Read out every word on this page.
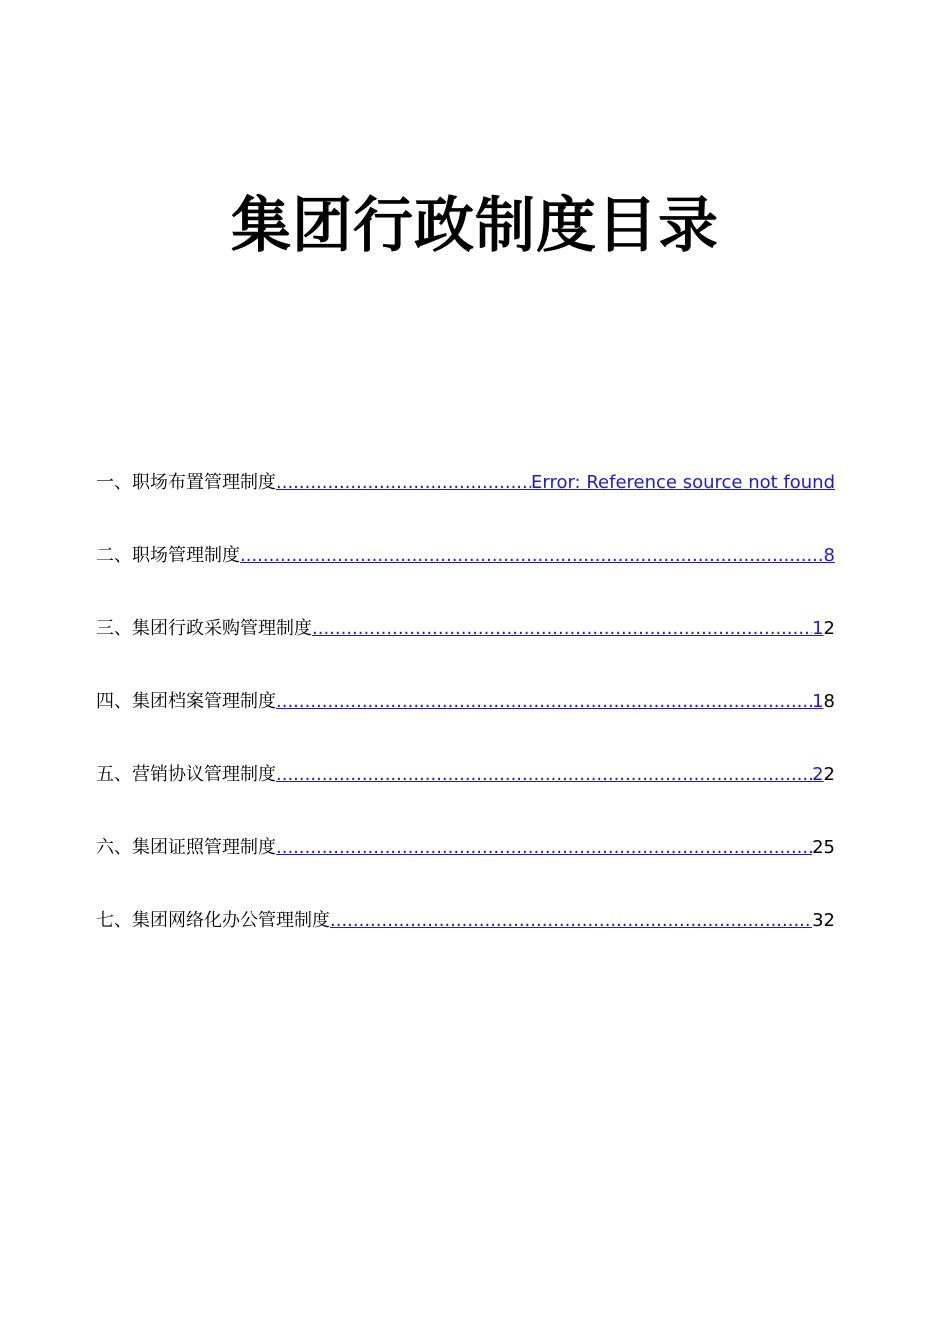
集团行政制度目录
一、职场布置管理制度 .....	Error: Reference source not found
二、职场管理制度 .....	8
三、集团行政采购管理制度 .....	1 2
四、集团档案管理制度 .....	1 8
五、营销协议管理制度 .....	2 2
六、集团证照管理制度 .....	25
七、集团网络化办公管理制度 .....	32
